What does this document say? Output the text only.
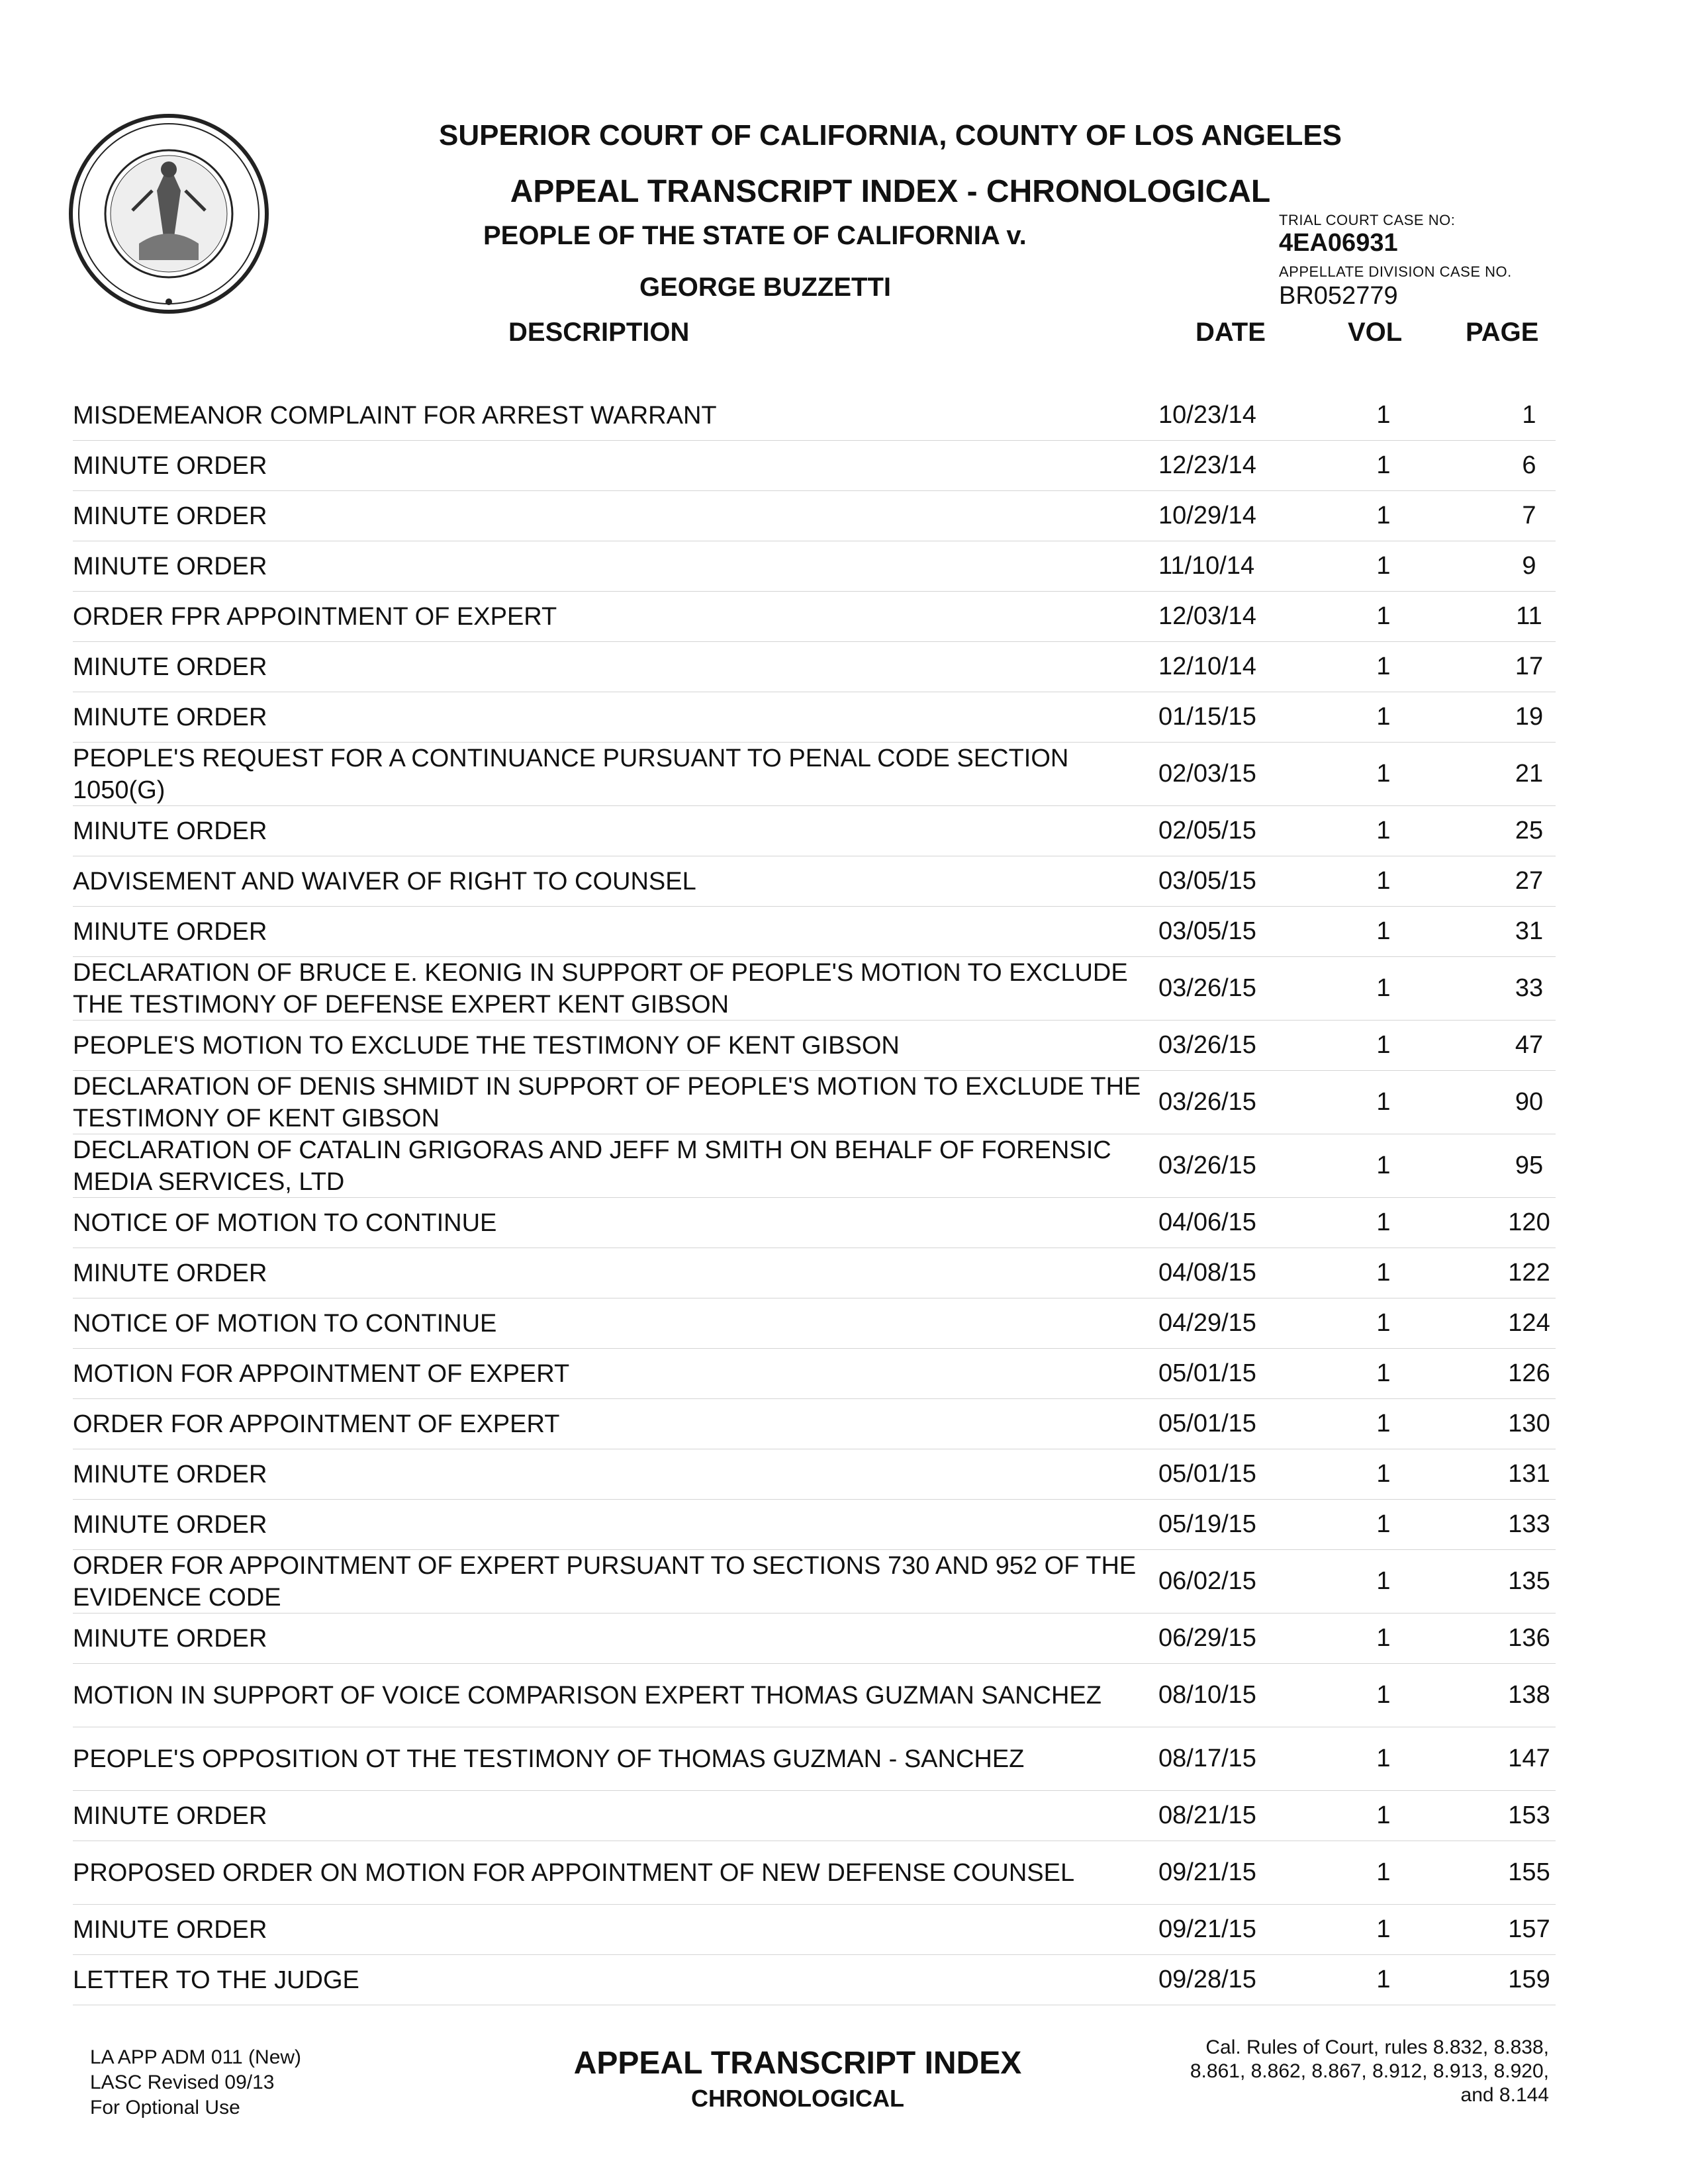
SUPERIOR COURT OF CALIFORNIA, COUNTY OF LOS ANGELES
APPEAL TRANSCRIPT INDEX - CHRONOLOGICAL
PEOPLE OF THE STATE OF CALIFORNIA v.
GEORGE BUZZETTI
TRIAL COURT CASE NO:
4EA06931
APPELLATE DIVISION CASE NO.
BR052779
DESCRIPTION	DATE	VOL PAGE
MISDEMEANOR COMPLAINT FOR ARREST WARRANT	10/23/14	1	1
MINUTE ORDER	12/23/14	1	6
MINUTE ORDER	10/29/14	1	7
MINUTE ORDER	11/10/14	1	9
ORDER FPR APPOINTMENT OF EXPERT	12/03/14	1	11
MINUTE ORDER	12/10/14	1	17
MINUTE ORDER	01/15/15	1	19
PEOPLE'S REQUEST FOR A CONTINUANCE PURSUANT TO PENAL CODE SECTION 1050(G)
02/03/15	1	21
MINUTE ORDER	02/05/15	1	25
ADVISEMENT AND WAIVER OF RIGHT TO COUNSEL	03/05/15	1	27
MINUTE ORDER	03/05/15	1	31
DECLARATION OF BRUCE E. KEONIG IN SUPPORT OF PEOPLE'S MOTION TO EXCLUDE THE TESTIMONY OF DEFENSE EXPERT KENT GIBSON
03/26/15	1	33
PEOPLE'S MOTION TO EXCLUDE THE TESTIMONY OF KENT GIBSON	03/26/15	1	47
DECLARATION OF DENIS SHMIDT IN SUPPORT OF PEOPLE'S MOTION TO EXCLUDE THE TESTIMONY OF KENT GIBSON
03/26/15	1	90
DECLARATION OF CATALIN GRIGORAS AND JEFF M SMITH ON BEHALF OF FORENSIC MEDIA SERVICES, LTD
03/26/15	1	95
NOTICE OF MOTION TO CONTINUE	04/06/15	1	120
MINUTE ORDER	04/08/15	1	122
NOTICE OF MOTION TO CONTINUE	04/29/15	1	124
MOTION FOR APPOINTMENT OF EXPERT	05/01/15	1	126
ORDER FOR APPOINTMENT OF EXPERT	05/01/15	1	130
MINUTE ORDER	05/01/15	1	131
MINUTE ORDER	05/19/15	1	133
ORDER FOR APPOINTMENT OF EXPERT PURSUANT TO SECTIONS 730 AND 952 OF THE EVIDENCE CODE
06/02/15	1	135
MINUTE ORDER	06/29/15	1	136
MOTION IN SUPPORT OF VOICE COMPARISON EXPERT THOMAS GUZMAN SANCHEZ	08/10/15	1	138
PEOPLE'S OPPOSITION OT THE TESTIMONY OF THOMAS GUZMAN - SANCHEZ	08/17/15	1	147
MINUTE ORDER	08/21/15	1	153
PROPOSED ORDER ON MOTION FOR APPOINTMENT OF NEW DEFENSE COUNSEL	09/21/15	1	155
MINUTE ORDER	09/21/15	1	157
LETTER TO THE JUDGE	09/28/15	1	159
LA APP ADM 011 (New)
LASC Revised 09/13
For Optional Use
APPEAL TRANSCRIPT INDEX
CHRONOLOGICAL
Cal. Rules of Court, rules 8.832, 8.838,
8.861, 8.862, 8.867, 8.912, 8.913, 8.920,
and 8.144
